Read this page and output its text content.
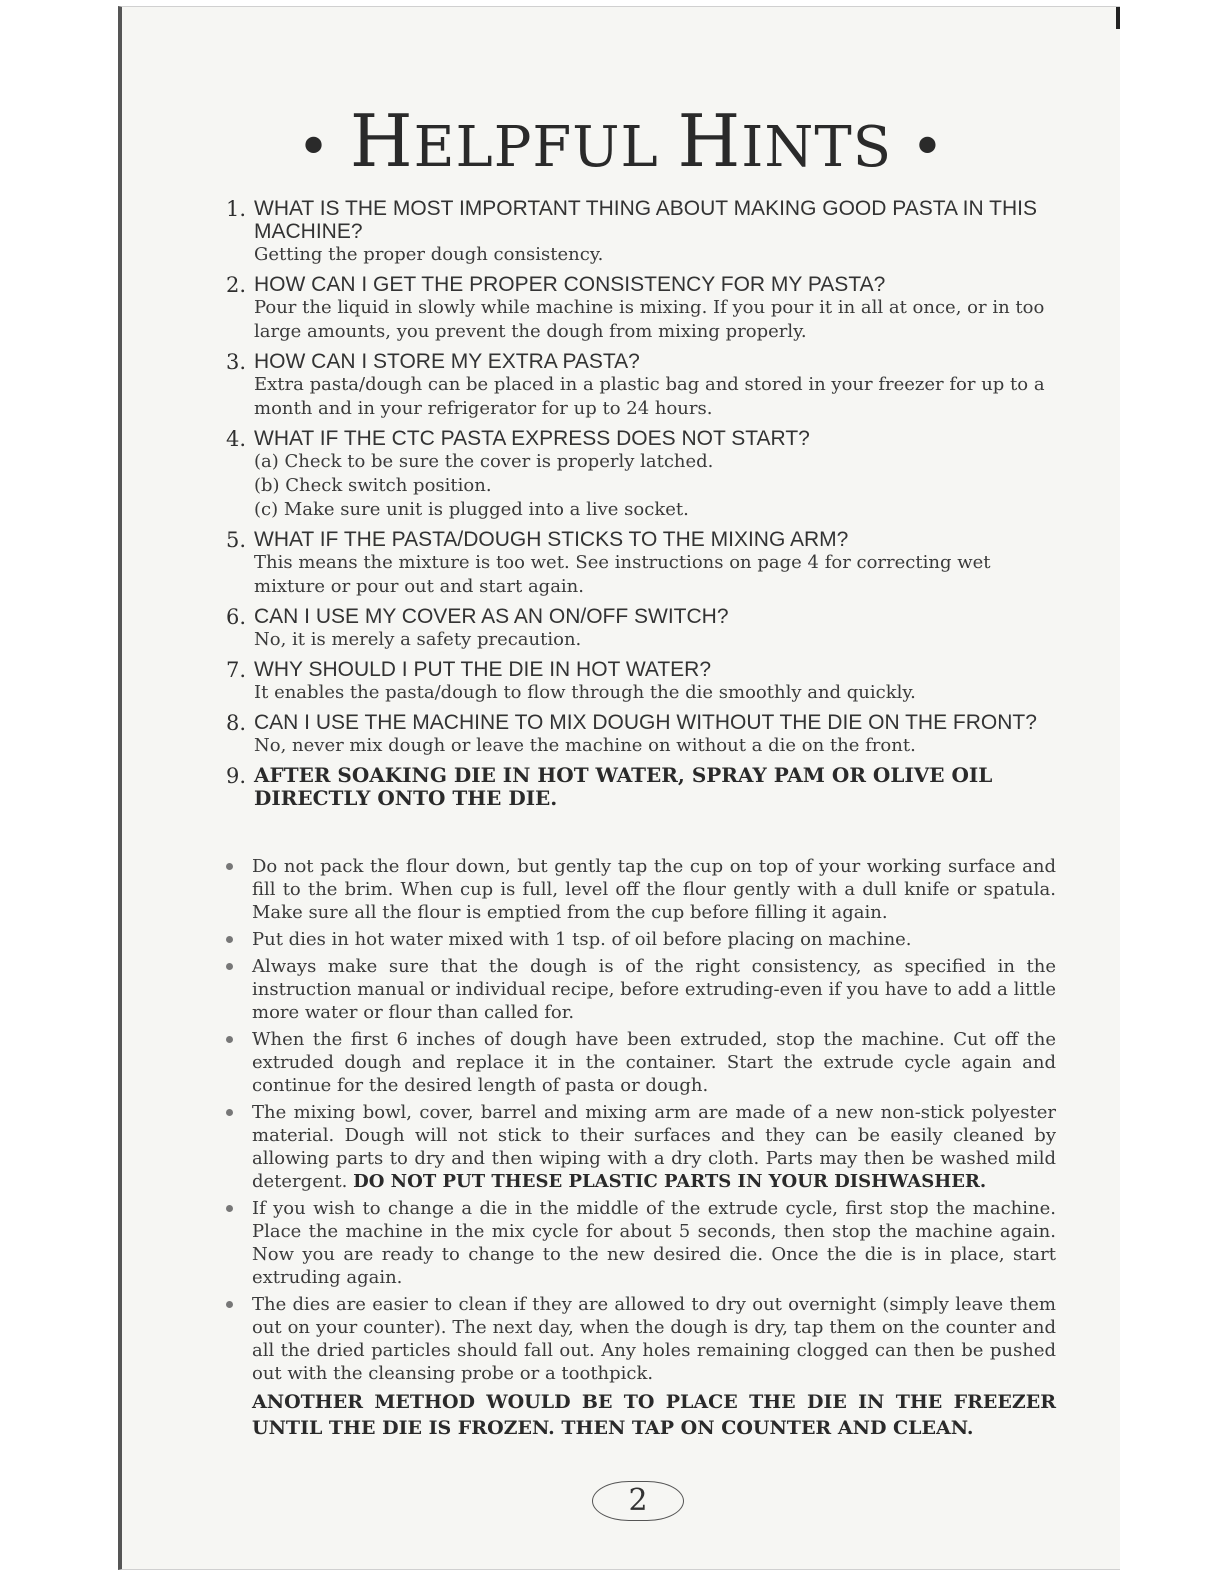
• HELPFUL HINTS •
1. WHAT IS THE MOST IMPORTANT THING ABOUT MAKING GOOD PASTA IN THIS MACHINE?
Getting the proper dough consistency.
2. HOW CAN I GET THE PROPER CONSISTENCY FOR MY PASTA?
Pour the liquid in slowly while machine is mixing. If you pour it in all at once, or in too large amounts, you prevent the dough from mixing properly.
3. HOW CAN I STORE MY EXTRA PASTA?
Extra pasta/dough can be placed in a plastic bag and stored in your freezer for up to a month and in your refrigerator for up to 24 hours.
4. WHAT IF THE CTC PASTA EXPRESS DOES NOT START?
(a) Check to be sure the cover is properly latched.
(b) Check switch position.
(c) Make sure unit is plugged into a live socket.
5. WHAT IF THE PASTA/DOUGH STICKS TO THE MIXING ARM?
This means the mixture is too wet. See instructions on page 4 for correcting wet mixture or pour out and start again.
6. CAN I USE MY COVER AS AN ON/OFF SWITCH?
No, it is merely a safety precaution.
7. WHY SHOULD I PUT THE DIE IN HOT WATER?
It enables the pasta/dough to flow through the die smoothly and quickly.
8. CAN I USE THE MACHINE TO MIX DOUGH WITHOUT THE DIE ON THE FRONT?
No, never mix dough or leave the machine on without a die on the front.
9. AFTER SOAKING DIE IN HOT WATER, SPRAY PAM OR OLIVE OIL DIRECTLY ONTO THE DIE.
Do not pack the flour down, but gently tap the cup on top of your working surface and fill to the brim. When cup is full, level off the flour gently with a dull knife or spatula. Make sure all the flour is emptied from the cup before filling it again.
Put dies in hot water mixed with 1 tsp. of oil before placing on machine.
Always make sure that the dough is of the right consistency, as specified in the instruction manual or individual recipe, before extruding-even if you have to add a little more water or flour than called for.
When the first 6 inches of dough have been extruded, stop the machine. Cut off the extruded dough and replace it in the container. Start the extrude cycle again and continue for the desired length of pasta or dough.
The mixing bowl, cover, barrel and mixing arm are made of a new non-stick polyester material. Dough will not stick to their surfaces and they can be easily cleaned by allowing parts to dry and then wiping with a dry cloth. Parts may then be washed mild detergent. DO NOT PUT THESE PLASTIC PARTS IN YOUR DISHWASHER.
If you wish to change a die in the middle of the extrude cycle, first stop the machine. Place the machine in the mix cycle for about 5 seconds, then stop the machine again. Now you are ready to change to the new desired die. Once the die is in place, start extruding again.
The dies are easier to clean if they are allowed to dry out overnight (simply leave them out on your counter). The next day, when the dough is dry, tap them on the counter and all the dried particles should fall out. Any holes remaining clogged can then be pushed out with the cleansing probe or a toothpick.
ANOTHER METHOD WOULD BE TO PLACE THE DIE IN THE FREEZER UNTIL THE DIE IS FROZEN. THEN TAP ON COUNTER AND CLEAN.
2
